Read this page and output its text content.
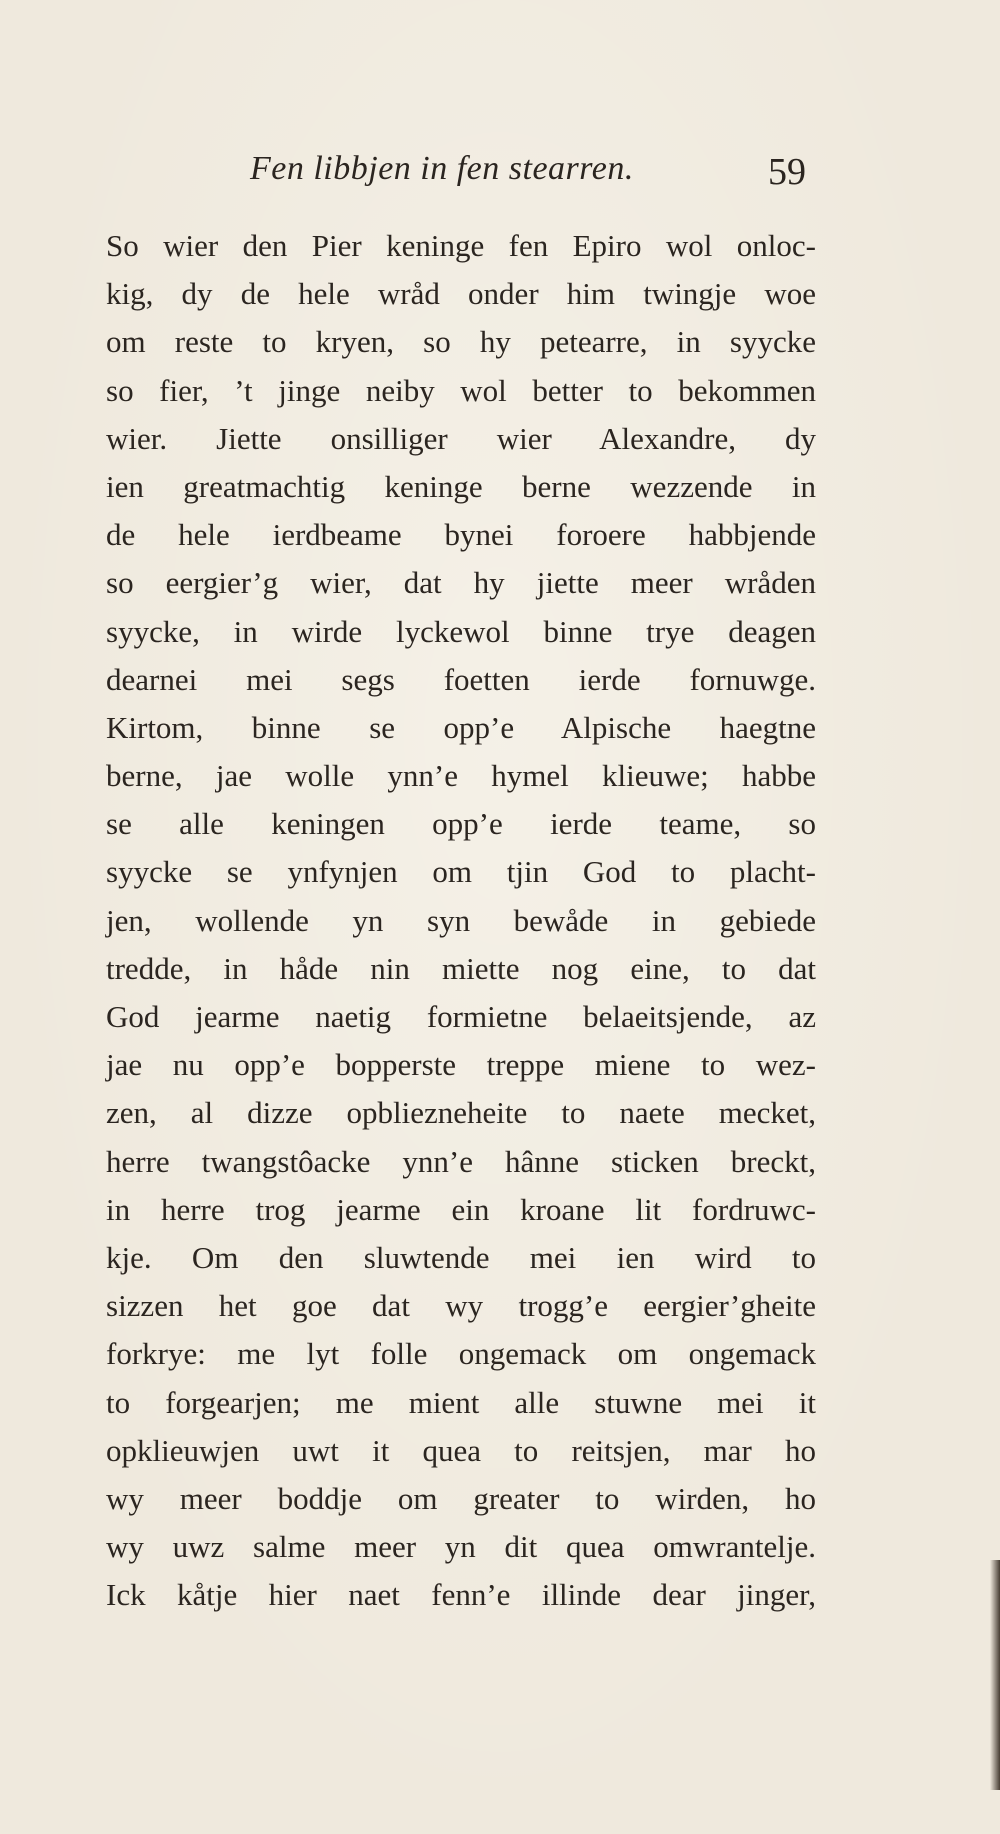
Fen libbjen in fen stearren.	59
So wier den Pier keninge fen Epiro wol onloc-
kig, dy de hele wråd onder him twingje woe
om reste to kryen, so hy petearre, in syycke
so fier, ’t jinge neiby wol better to bekommen
wier. Jiette onsilliger wier Alexandre, dy
ien greatmachtig keninge berne wezzende in
de hele ierdbeame bynei foroere habbjende
so eergier’g wier, dat hy jiette meer wråden
syycke, in wirde lyckewol binne trye deagen
dearnei mei segs foetten ierde fornuwge.
Kirtom, binne se opp’e Alpische haegtne
berne, jae wolle ynn’e hymel klieuwe; habbe
se alle keningen opp’e ierde teame, so
syycke se ynfynjen om tjin God to placht-
jen, wollende yn syn bewåde in gebiede
tredde, in håde nin miette nog eine, to dat
God jearme naetig formietne belaeitsjende, az
jae nu opp’e bopperste treppe miene to wez-
zen, al dizze opbliezneheite to naete mecket,
herre twangstôacke ynn’e hânne sticken breckt,
in herre trog jearme ein kroane lit fordruwc-
kje. Om den sluwtende mei ien wird to
sizzen het goe dat wy trogg’e eergier’gheite
forkrye: me lyt folle ongemack om ongemack
to forgearjen; me mient alle stuwne mei it
opklieuwjen uwt it quea to reitsjen, mar ho
wy meer boddje om greater to wirden, ho
wy uwz salme meer yn dit quea omwrantelje.
Ick kåtje hier naet fenn’e illinde dear jinger,
